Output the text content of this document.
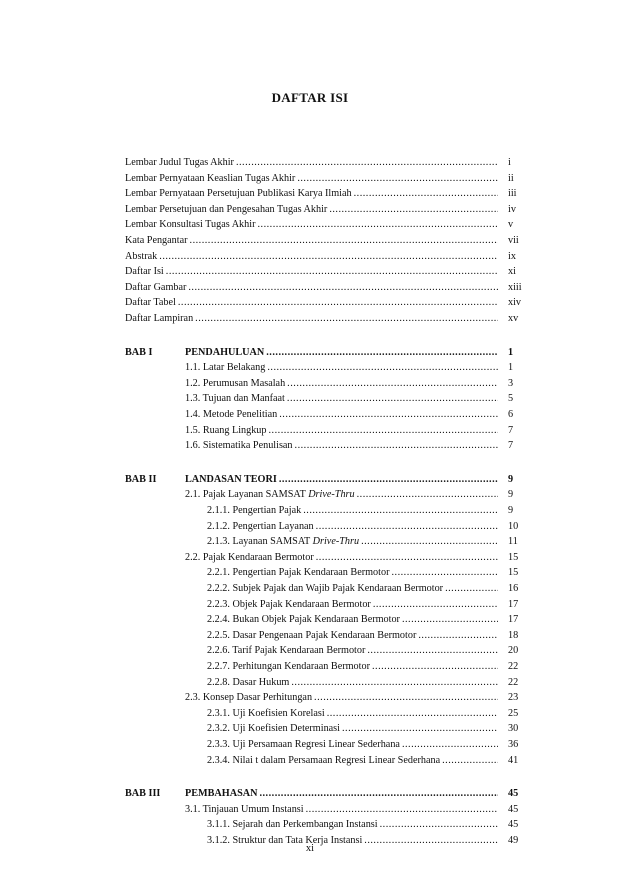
DAFTAR ISI
Lembar Judul Tugas Akhir .....	i
Lembar Pernyataan Keaslian Tugas Akhir .....	ii
Lembar Pernyataan Persetujuan Publikasi Karya Ilmiah .....	iii
Lembar Persetujuan dan Pengesahan Tugas Akhir .....	iv
Lembar Konsultasi Tugas Akhir .....	v
Kata Pengantar .....	vii
Abstrak .....	ix
Daftar Isi .....	xi
Daftar Gambar .....	xiii
Daftar Tabel .....	xiv
Daftar Lampiran .....	xv
BAB I	PENDAHULUAN .....	1
1.1. Latar Belakang .....	1
1.2. Perumusan Masalah .....	3
1.3. Tujuan dan Manfaat .....	5
1.4. Metode Penelitian .....	6
1.5. Ruang Lingkup .....	7
1.6. Sistematika Penulisan .....	7
BAB II	LANDASAN TEORI .....	9
2.1. Pajak Layanan SAMSAT Drive-Thru .....	9
2.1.1. Pengertian Pajak .....	9
2.1.2. Pengertian Layanan .....	10
2.1.3. Layanan SAMSAT Drive-Thru .....	11
2.2. Pajak Kendaraan Bermotor .....	15
2.2.1. Pengertian Pajak Kendaraan Bermotor .....	15
2.2.2. Subjek Pajak dan Wajib Pajak Kendaraan Bermotor .....	16
2.2.3. Objek Pajak Kendaraan Bermotor .....	17
2.2.4. Bukan Objek Pajak Kendaraan Bermotor .....	17
2.2.5. Dasar Pengenaan Pajak Kendaraan Bermotor .....	18
2.2.6. Tarif Pajak Kendaraan Bermotor .....	20
2.2.7. Perhitungan Kendaraan Bermotor .....	22
2.2.8. Dasar Hukum .....	22
2.3. Konsep Dasar Perhitungan .....	23
2.3.1. Uji Koefisien Korelasi .....	25
2.3.2. Uji Koefisien Determinasi .....	30
2.3.3. Uji Persamaan Regresi Linear Sederhana .....	36
2.3.4. Nilai t dalam Persamaan Regresi Linear Sederhana .....	41
BAB III PEMBAHASAN .....	45
3.1. Tinjauan Umum Instansi .....	45
3.1.1. Sejarah dan Perkembangan Instansi .....	45
3.1.2. Struktur dan Tata Kerja Instansi .....	49
xi
